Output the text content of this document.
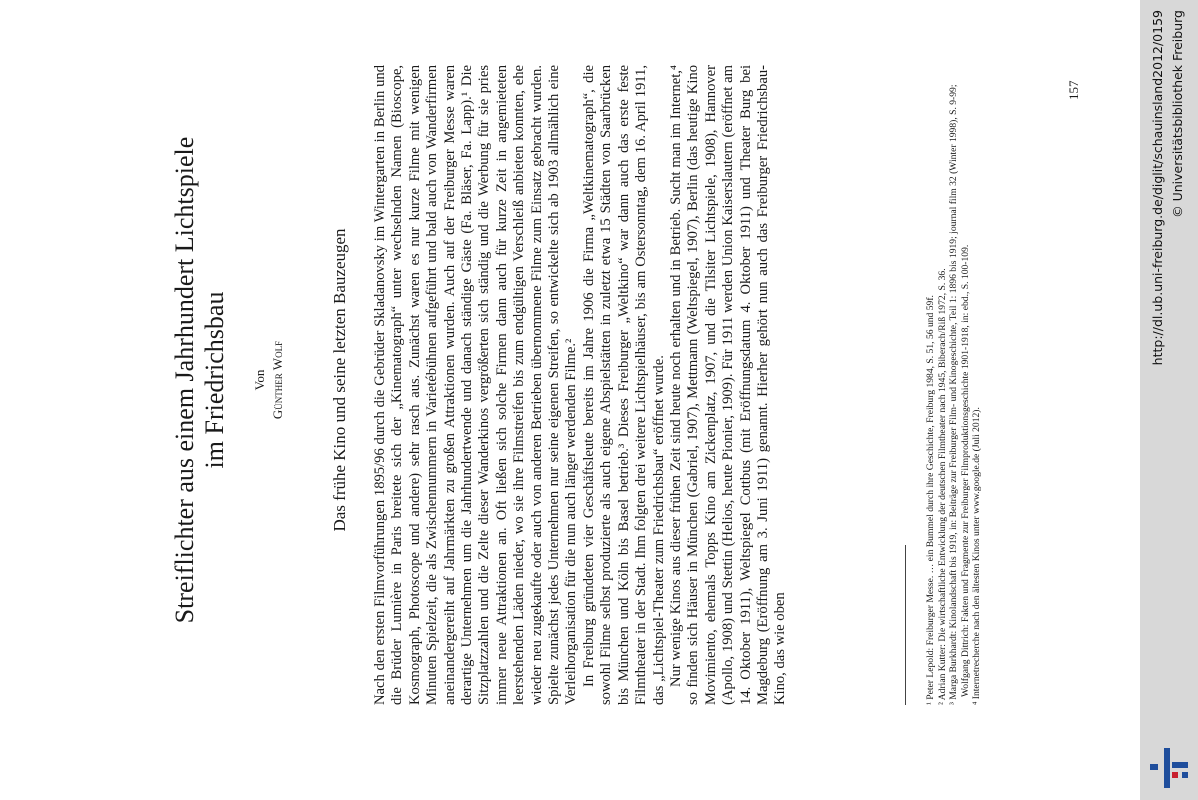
Streiflichter aus einem Jahrhundert Lichtspiele im Friedrichsbau Von Günther Wolf	Das frühe Kino und seine letzten Bauzeugen Nach den ersten Filmvorführungen 1895/96 durch die Gebrüder Skladanovsky im Wintergarten in Berlin und die Brüder Lumière in Paris breitete sich der „Kinematograph“ unter wechselnden Namen (Bioscope, Kosmograph, Photoscope und andere) sehr rasch aus. Zunächst waren es nur kurze Filme mit wenigen Minuten Spielzeit, die als Zwischennummern in Varietébühnen aufgeführt und bald auch von Wanderfirmen aneinandergereiht auf Jahrmärkten zu großen Attraktionen wurden. Auch auf der Freiburger Messe waren derartige Unternehmen um die Jahrhundertwende und danach ständige Gäste (Fa. Bläser, Fa. Lapp).¹ Die Sitzplatzzahlen und die Zelte dieser Wanderkinos vergrößerten sich ständig und die Werbung für sie pries immer neue Attraktionen an. Oft ließen sich solche Firmen dann auch für kurze Zeit in angemieteten leerstehenden Läden nieder, wo sie ihre Filmstreifen bis zum endgültigen Verschleiß anbieten konnten, ehe wieder neu zugekaufte oder auch von anderen Betrieben übernommene Filme zum Einsatz gebracht wurden. Spielte zunächst jedes Unternehmen nur seine eigenen Streifen, so entwickelte sich ab 1903 allmählich eine Verleihorganisation für die nun auch länger werdenden Filme.² In Freiburg gründeten vier Geschäftsleute bereits im Jahre 1906 die Firma „Weltkinematograph“, die sowohl Filme selbst produzierte als auch eigene Abspielstätten in zuletzt etwa 15 Städten von Saarbrücken bis München und Köln bis Basel betrieb.³ Dieses Freiburger „Weltkino“ war dann auch das erste feste Filmtheater in der Stadt. Ihm folgten drei weitere Lichtspielhäuser, bis am Ostersonntag, dem 16. April 1911, das „Lichtspiel-Theater zum Friedrichsbau“ eröffnet wurde. Nur wenige Kinos aus dieser frühen Zeit sind heute noch erhalten und in Betrieb. Sucht man im Internet,⁴ so finden sich Häuser in München (Gabriel, 1907), Mettmann (Weltspiegel, 1907), Berlin (das heutige Kino Movimiento, ehemals Topps Kino am Zickenplatz, 1907, und die Tilsiter Lichtspiele, 1908), Hannover (Apollo, 1908) und Stettin (Helios, heute Pionier, 1909). Für 1911 werden Union Kaiserslautern (eröffnet am 14. Oktober 1911), Weltspiegel Cottbus (mit Eröffnungsdatum 4. Oktober 1911) und Theater Burg bei Magdeburg (Eröffnung am 3. Juni 1911) genannt. Hierher gehört nun auch das Freiburger Friedrichsbau-Kino, das wie oben	¹ Peter Lepold: Freiburger Messe. … ein Bummel durch ihre Geschichte, Freiburg 1984, S. 51, 56 und 59f. ² Adrian Kutter: Die wirtschaftliche Entwicklung der deutschen Filmtheater nach 1945, Biberach/Riß 1972, S. 36. ³ Marga Burkhardt: Kinolandschaft bis 1919, in: Beiträge zur Freiburger Film- und Kinogeschichte, Teil 1: 1896 bis 1919; journal film 32 (Winter 1998), S. 9-99; Wolfgang Dittrich: Fakten und Fragmente zur Freiburger Filmproduktionsgeschichte 1901-1918, in: ebd., S. 100-109. ⁴ Internetrecherche nach den ältesten Kinos unter www.google.de (Juli 2012).

157	http://dl.ub.uni-freiburg.de/diglit/schauinsland2012/0159 © Universitätsbibliothek Freiburg
